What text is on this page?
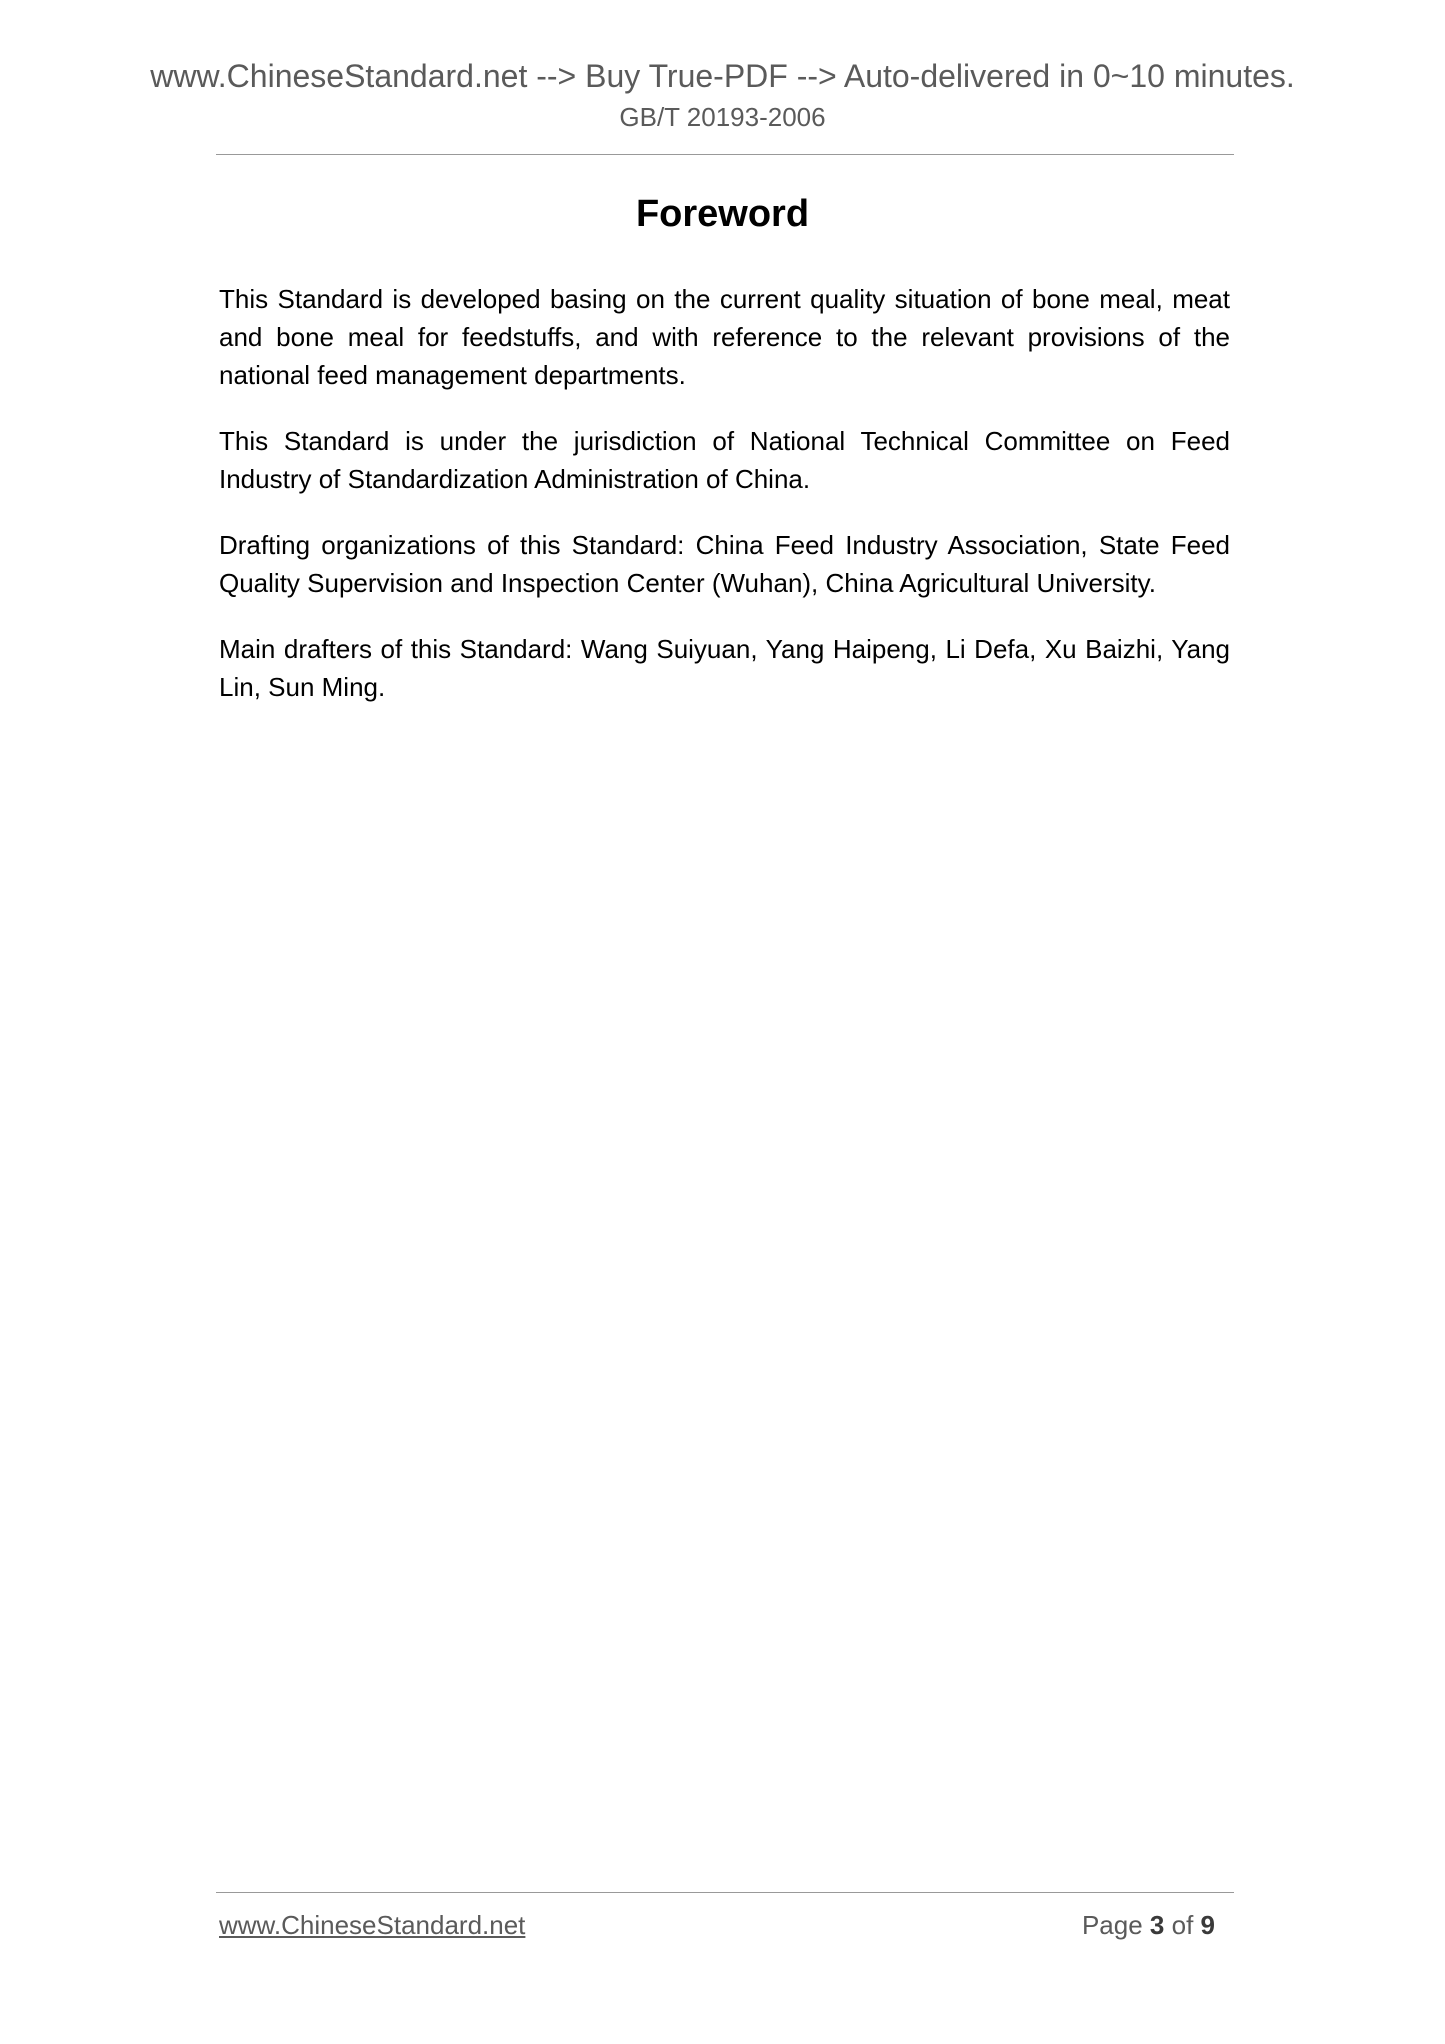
www.ChineseStandard.net --> Buy True-PDF --> Auto-delivered in 0~10 minutes.
GB/T 20193-2006
Foreword

This Standard is developed basing on the current quality situation of bone meal, meat and bone meal for feedstuffs, and with reference to the relevant provisions of the national feed management departments.

This Standard is under the jurisdiction of National Technical Committee on Feed Industry of Standardization Administration of China.

Drafting organizations of this Standard: China Feed Industry Association, State Feed Quality Supervision and Inspection Center (Wuhan), China Agricultural University.

Main drafters of this Standard: Wang Suiyuan, Yang Haipeng, Li Defa, Xu Baizhi, Yang Lin, Sun Ming.

www.ChineseStandard.net	Page 3 of 9
